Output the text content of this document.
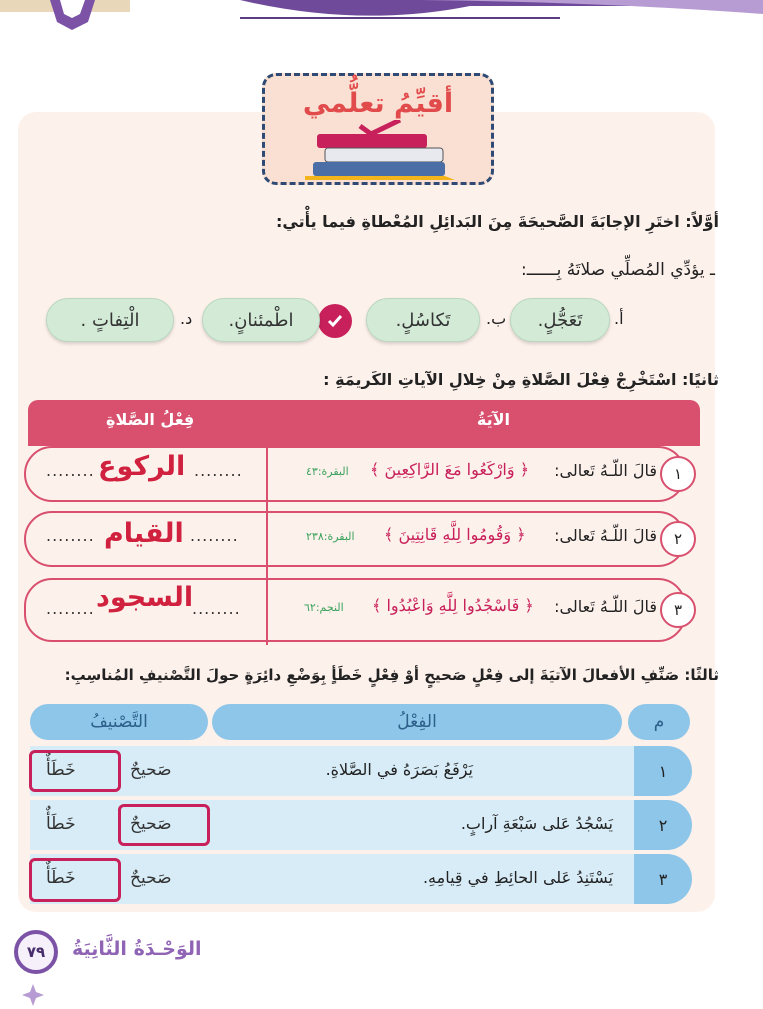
أقيِّمُ تعلُّمي
أوَّلاً: اختَرِ الإجابَةَ الصَّحيحَةَ مِنَ البَدائِلِ المُعْطاةِ فيما يأْتي:
ـ يؤدِّي المُصلِّي صلاتَهُ بِــــــ:
أ.
تَعَجُّلٍ.
ب.
تَكاسُلٍ.
اطْمئنانٍ.
د.
الْتِفاتٍ .
ثانيًا: اسْتَخْرِجْ فِعْلَ الصَّلاةِ مِنْ خِلالِ الآياتِ الكَريمَةِ :
الآيَةُ
فِعْلُ الصَّلاةِ
١
قالَ اللّـهُ تَعالى:
﴿ وَارْكَعُوا مَعَ الرَّاكِعِينَ ﴾
البقرة:٤٣
........ الركوع ........
٢
قالَ اللّـهُ تَعالى:
﴿ وَقُومُوا لِلَّهِ قَانِتِينَ ﴾
البقرة:٢٣٨
........ القيام ........
٣
قالَ اللّـهُ تَعالى:
﴿ فَاسْجُدُوا لِلَّهِ وَاعْبُدُوا ﴾
النجم:٦٢
........ السجود
........
ثالثًا: صَنِّفِ الأفعالَ الآتيَةَ إلى فِعْلٍ صَحيحٍ أوْ فِعْلٍ خَطَأٍ بِوَضْعِ دائِرَةٍ حولَ التَّصْنيفِ المُناسِبِ:
م
الفِعْلُ
التَّصْنيفُ
١
يَرْفَعُ بَصَرَهُ في الصَّلاةِ.
صَحيحٌ
خَطَأٌ
٢
يَسْجُدُ عَلى سَبْعَةِ آرابٍ.
صَحيحٌ
خَطَأٌ
٣
يَسْتَنِدُ عَلى الحائِطِ في قِيامِهِ.
صَحيحٌ
خَطَأٌ
٧٩	الوَحْـدَةُ الثَّانِيَةُ
